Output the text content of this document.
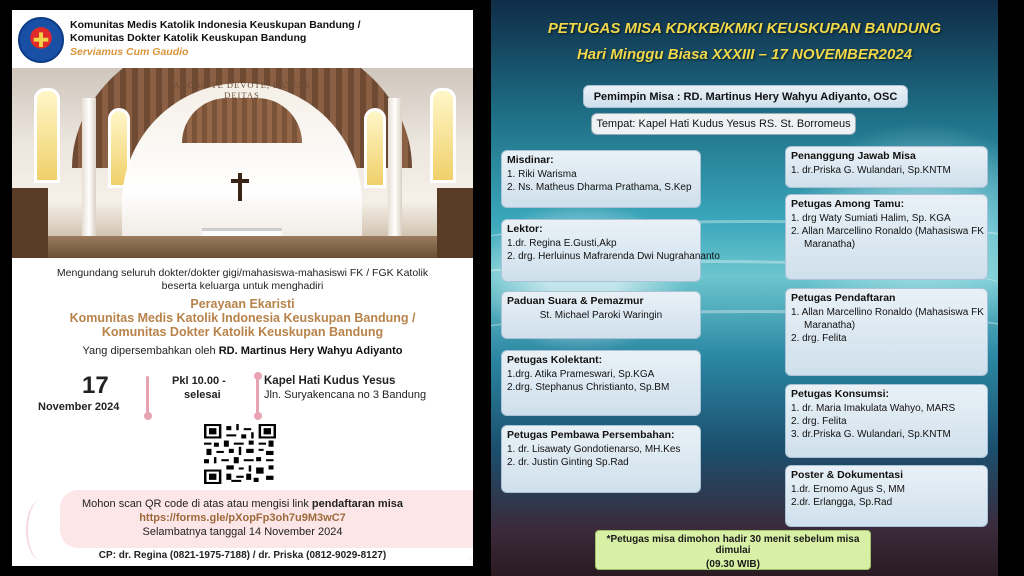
✚
Komunitas Medis Katolik Indonesia Keuskupan Bandung /
Komunitas Dokter Katolik Keuskupan Bandung
Serviamus Cum Gaudio
ADORO TE DEVOTE, LATENS DEITAS
Mengundang seluruh dokter/dokter gigi/mahasiswa-mahasiswi FK / FGK Katolik
beserta keluarga untuk menghadiri
Perayaan Ekaristi
Komunitas Medis Katolik Indonesia Keuskupan Bandung /
Komunitas Dokter Katolik Keuskupan Bandung
Yang dipersembahkan oleh RD. Martinus Hery Wahyu Adiyanto
17
November 2024
Pkl 10.00 -
selesai
Kapel Hati Kudus Yesus
Jln. Suryakencana no 3 Bandung
Mohon scan QR code di atas atau mengisi link pendaftaran misa
https://forms.gle/pXopFp3oh7u9M3wC7
Selambatnya tanggal 14 November 2024
CP: dr. Regina (0821-1975-7188) / dr. Priska (0812-9029-8127)
PETUGAS MISA KDKKB/KMKI KEUSKUPAN BANDUNG
Hari Minggu Biasa XXXIII – 17 NOVEMBER2024
Pemimpin Misa : RD. Martinus Hery Wahyu Adiyanto, OSC
Tempat: Kapel Hati Kudus Yesus RS. St. Borromeus
Misdinar:
1. Riki Warisma
2. Ns. Matheus Dharma Prathama, S.Kep
Lektor:
1.dr. Regina E.Gusti,Akp
2. drg. Herluinus Mafrarenda Dwi Nugrahananto
Paduan Suara & Pemazmur
St. Michael Paroki Waringin
Petugas Kolektant:
1.drg. Atika Prameswari, Sp.KGA
2.drg. Stephanus Christianto, Sp.BM
Petugas Pembawa Persembahan:
1. dr. Lisawaty Gondotienarso, MH.Kes
2. dr. Justin Ginting Sp.Rad
Penanggung Jawab Misa
1. dr.Priska G. Wulandari, Sp.KNTM
Petugas Among Tamu:
1. drg Waty Sumiati Halim, Sp. KGA
2. Allan Marcellino Ronaldo (Mahasiswa FK
Maranatha)
Petugas Pendaftaran
1. Allan Marcellino Ronaldo (Mahasiswa FK
Maranatha)
2. drg. Felita
Petugas Konsumsi:
1. dr. Maria Imakulata Wahyo, MARS
2. drg. Felita
3. dr.Priska G. Wulandari, Sp.KNTM
Poster & Dokumentasi
1.dr. Ernomo Agus S, MM
2.dr. Erlangga, Sp.Rad
*Petugas misa dimohon hadir 30 menit sebelum misa dimulai
(09.30 WIB)
